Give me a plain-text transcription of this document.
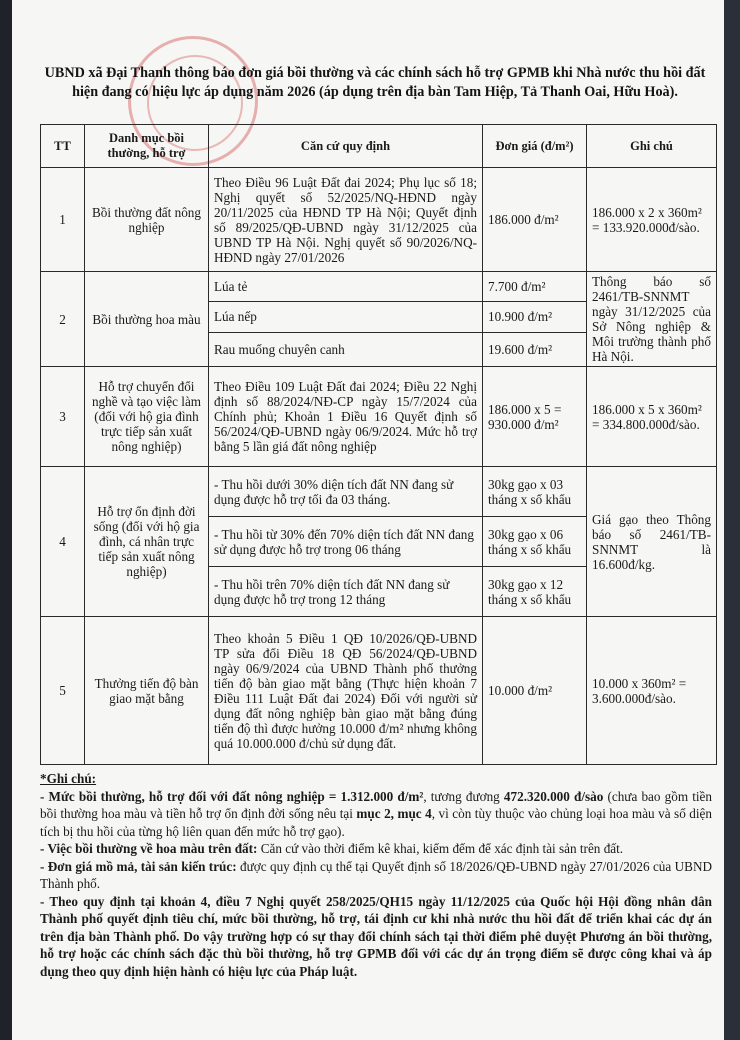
UBND xã Đại Thanh thông báo đơn giá bồi thường và các chính sách hỗ trợ GPMB khi Nhà nước thu hồi đất hiện đang có hiệu lực áp dụng năm 2026 (áp dụng trên địa bàn Tam Hiệp, Tả Thanh Oai, Hữu Hoà).
TT	Danh mục bồi thường, hỗ trợ	Căn cứ quy định	Đơn giá (đ/m²)	Ghi chú
1	Bồi thường đất nông nghiệp	Theo Điều 96 Luật Đất đai 2024; Phụ lục số 18; Nghị quyết số 52/2025/NQ-HĐND ngày 20/11/2025 của HĐND TP Hà Nội; Quyết định số 89/2025/QĐ-UBND ngày 31/12/2025 của UBND TP Hà Nội. Nghị quyết số 90/2026/NQ-HĐND ngày 27/01/2026	186.000 đ/m²	186.000 x 2 x 360m² = 133.920.000đ/sào.
2	Bồi thường hoa màu	Lúa tẻ	7.700 đ/m²	Thông báo số 2461/TB-SNNMT ngày 31/12/2025 của Sở Nông nghiệp & Môi trường thành phố Hà Nội.
		Lúa nếp	10.900 đ/m²	
		Rau muống chuyên canh	19.600 đ/m²	
3	Hỗ trợ chuyển đổi nghề và tạo việc làm (đối với hộ gia đình trực tiếp sản xuất nông nghiệp)	Theo Điều 109 Luật Đất đai 2024; Điều 22 Nghị định số 88/2024/NĐ-CP ngày 15/7/2024 của Chính phủ; Khoản 1 Điều 16 Quyết định số 56/2024/QĐ-UBND ngày 06/9/2024. Mức hỗ trợ bằng 5 lần giá đất nông nghiệp	186.000 x 5 = 930.000 đ/m²	186.000 x 5 x 360m² = 334.800.000đ/sào.
4	Hỗ trợ ổn định đời sống (đối với hộ gia đình, cá nhân trực tiếp sản xuất nông nghiệp)	- Thu hồi dưới 30% diện tích đất NN đang sử dụng được hỗ trợ tối đa 03 tháng.	30kg gạo x 03 tháng x số khẩu	Giá gạo theo Thông báo số 2461/TB-SNNMT là 16.600đ/kg.
		- Thu hồi từ 30% đến 70% diện tích đất NN đang sử dụng được hỗ trợ trong 06 tháng	30kg gạo x 06 tháng x số khẩu	
		- Thu hồi trên 70% diện tích đất NN đang sử dụng được hỗ trợ trong 12 tháng	30kg gạo x 12 tháng x số khẩu	
5	Thưởng tiến độ bàn giao mặt bằng	Theo khoản 5 Điều 1 QĐ 10/2026/QĐ-UBND TP sửa đổi Điều 18 QĐ 56/2024/QĐ-UBND ngày 06/9/2024 của UBND Thành phố thưởng tiến độ bàn giao mặt bằng (Thực hiện khoản 7 Điều 111 Luật Đất đai 2024) Đối với người sử dụng đất nông nghiệp bàn giao mặt bằng đúng tiến độ thì được hưởng 10.000 đ/m² nhưng không quá 10.000.000 đ/chủ sử dụng đất.	10.000 đ/m²	10.000 x 360m² = 3.600.000đ/sào.

*Ghi chú:

- Mức bồi thường, hỗ trợ đối với đất nông nghiệp = 1.312.000 đ/m², tương đương 472.320.000 đ/sào (chưa bao gồm tiền bồi thường hoa màu và tiền hỗ trợ ổn định đời sống nêu tại mục 2, mục 4, vì còn tùy thuộc vào chủng loại hoa màu và số diện tích bị thu hồi của từng hộ liên quan đến mức hỗ trợ gạo).

- Việc bồi thường về hoa màu trên đất: Căn cứ vào thời điểm kê khai, kiểm đếm để xác định tài sản trên đất.

- Đơn giá mồ mả, tài sản kiến trúc: được quy định cụ thể tại Quyết định số 18/2026/QĐ-UBND ngày 27/01/2026 của UBND Thành phố.

- Theo quy định tại khoản 4, điều 7 Nghị quyết 258/2025/QH15 ngày 11/12/2025 của Quốc hội Hội đồng nhân dân Thành phố quyết định tiêu chí, mức bồi thường, hỗ trợ, tái định cư khi nhà nước thu hồi đất để triển khai các dự án trên địa bàn Thành phố. Do vậy trường hợp có sự thay đổi chính sách tại thời điểm phê duyệt Phương án bồi thường, hỗ trợ hoặc các chính sách đặc thù bồi thường, hỗ trợ GPMB đối với các dự án trọng điểm sẽ được công khai và áp dụng theo quy định hiện hành có hiệu lực của Pháp luật.
